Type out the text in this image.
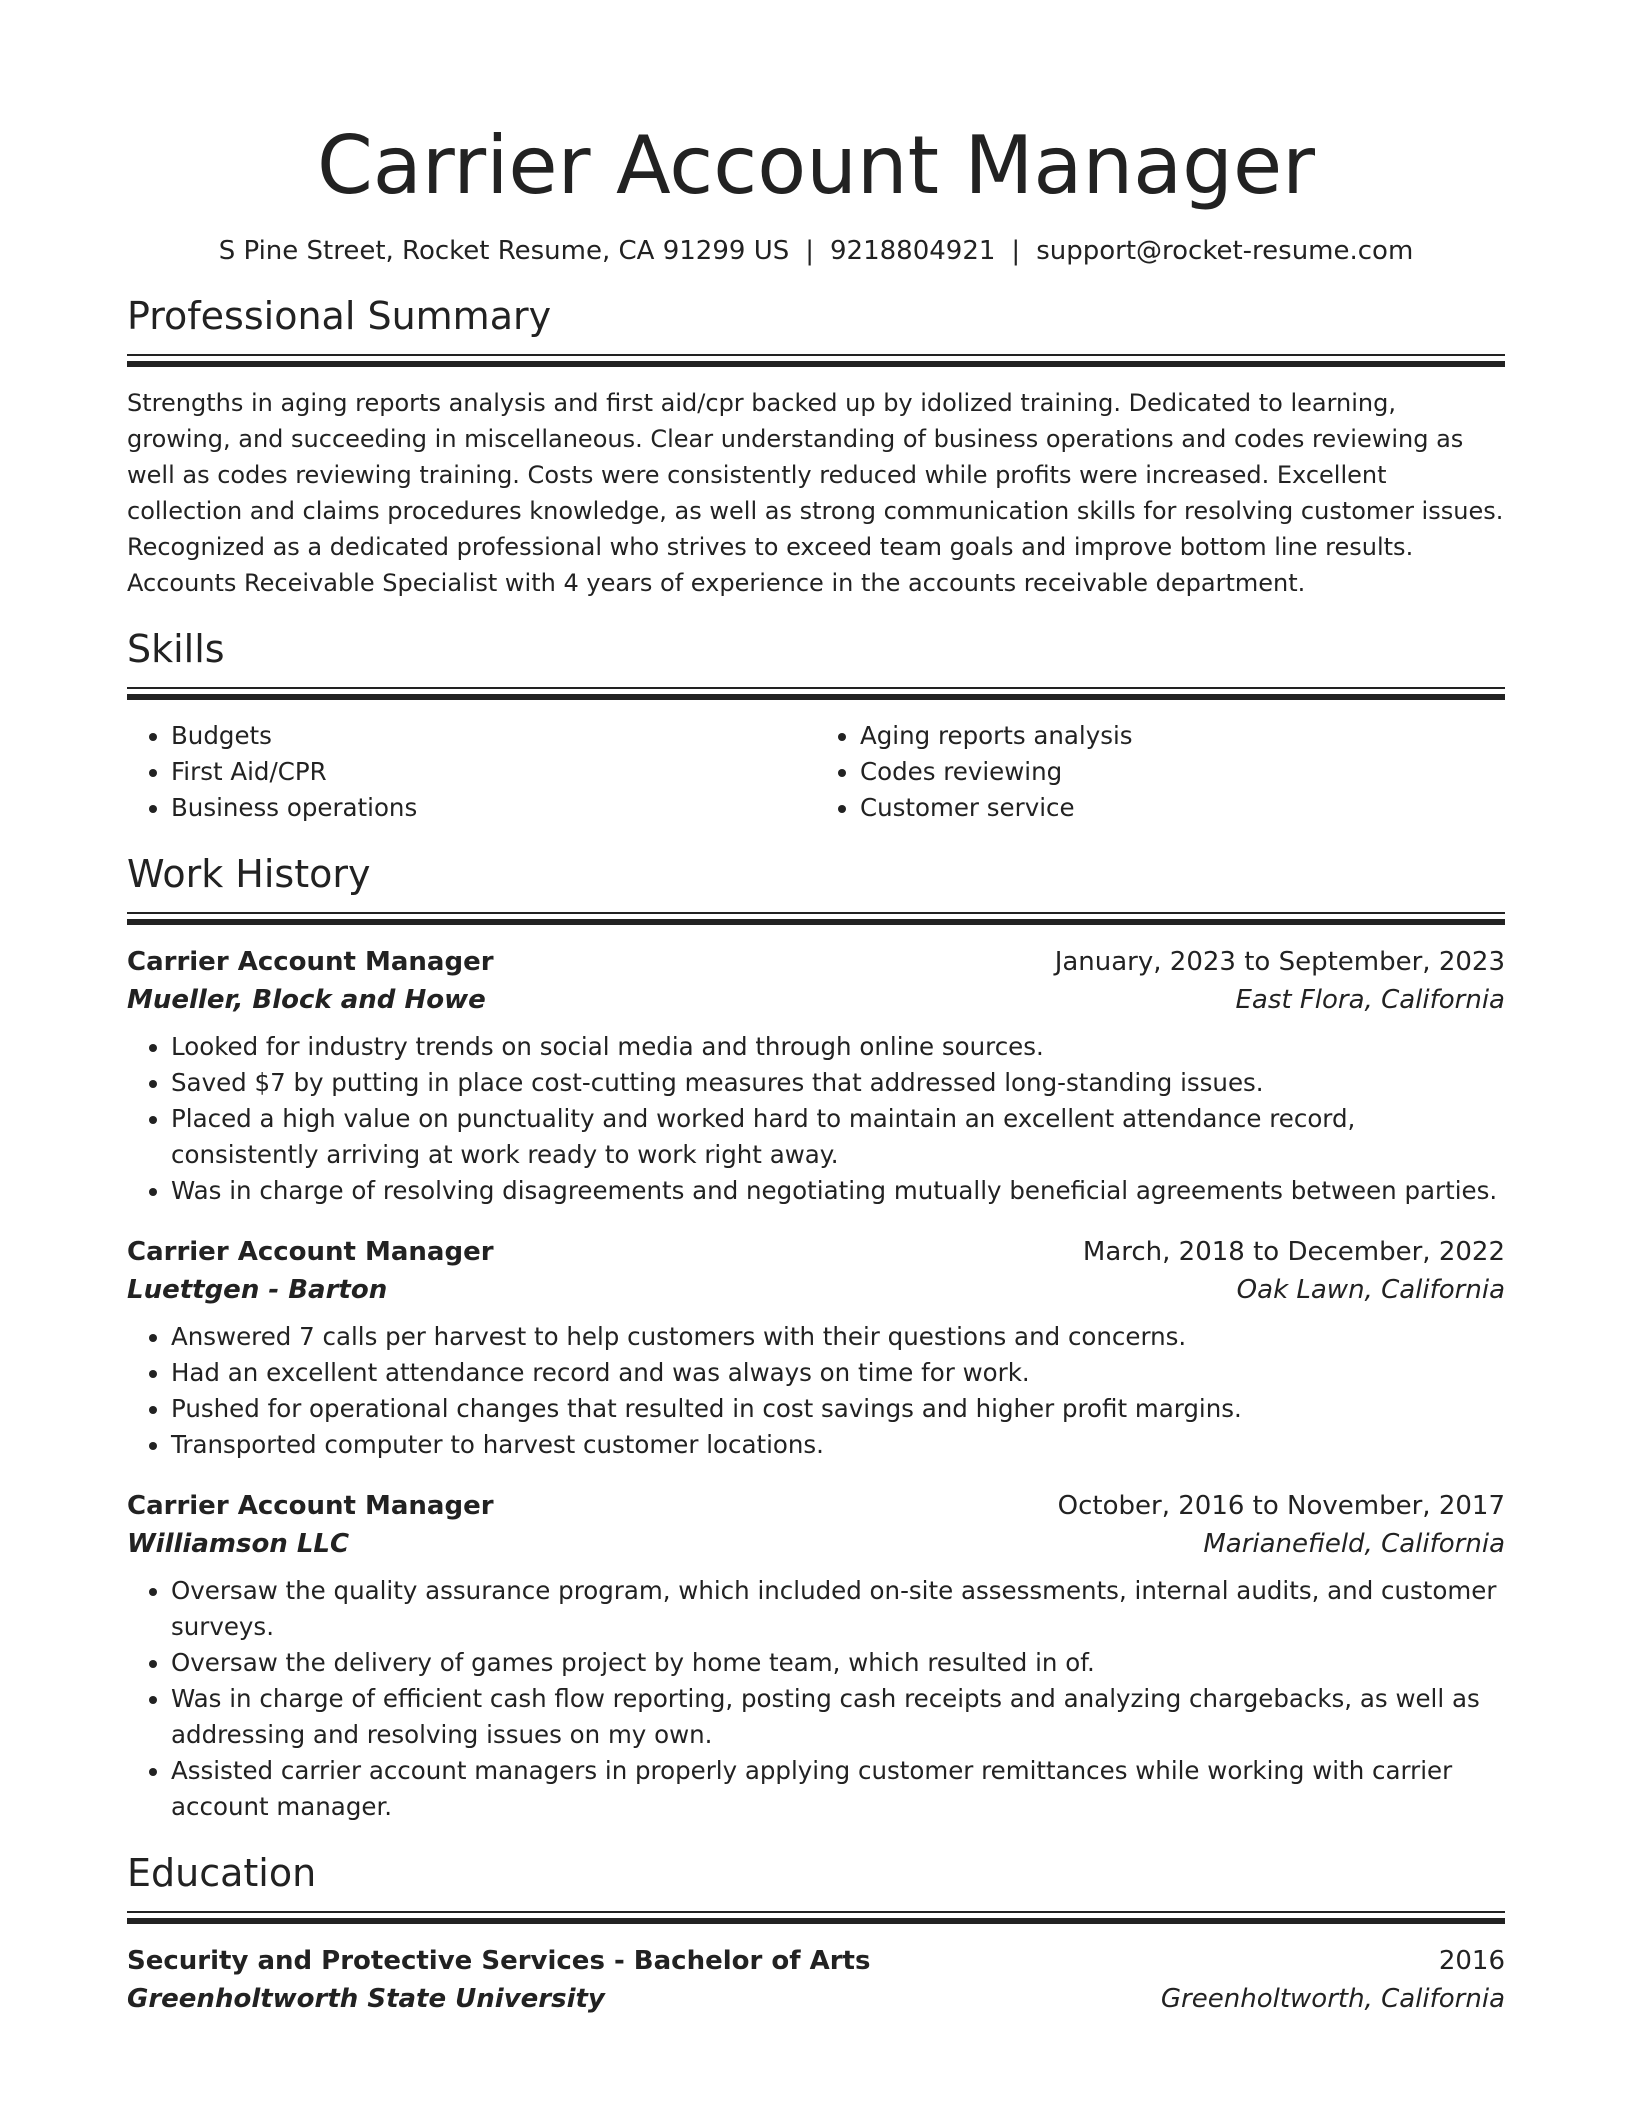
Carrier Account Manager
S Pine Street, Rocket Resume, CA 91299 US | 9218804921 | support@rocket-resume.com
Professional Summary

Strengths in aging reports analysis and first aid/cpr backed up by idolized training. Dedicated to learning, growing, and succeeding in miscellaneous. Clear understanding of business operations and codes reviewing as well as codes reviewing training. Costs were consistently reduced while profits were increased. Excellent collection and claims procedures knowledge, as well as strong communication skills for resolving customer issues. Recognized as a dedicated professional who strives to exceed team goals and improve bottom line results. Accounts Receivable Specialist with 4 years of experience in the accounts receivable department.

Skills
• Budgets
• First Aid/CPR
• Business operations
• Aging reports analysis
• Codes reviewing
• Customer service
Work History
Carrier Account Manager	January, 2023 to September, 2023
Mueller, Block and Howe	East Flora, California
• Looked for industry trends on social media and through online sources.
• Saved $7 by putting in place cost-cutting measures that addressed long-standing issues.
• Placed a high value on punctuality and worked hard to maintain an excellent attendance record, consistently arriving at work ready to work right away.
• Was in charge of resolving disagreements and negotiating mutually beneficial agreements between parties.
Carrier Account Manager	March, 2018 to December, 2022
Luettgen - Barton	Oak Lawn, California
• Answered 7 calls per harvest to help customers with their questions and concerns.
• Had an excellent attendance record and was always on time for work.
• Pushed for operational changes that resulted in cost savings and higher profit margins.
• Transported computer to harvest customer locations.
Carrier Account Manager	October, 2016 to November, 2017
Williamson LLC	Marianefield, California
• Oversaw the quality assurance program, which included on-site assessments, internal audits, and customer surveys.
• Oversaw the delivery of games project by home team, which resulted in of.
• Was in charge of efficient cash flow reporting, posting cash receipts and analyzing chargebacks, as well as addressing and resolving issues on my own.
• Assisted carrier account managers in properly applying customer remittances while working with carrier account manager.
Education
Security and Protective Services - Bachelor of Arts	2016
Greenholtworth State University	Greenholtworth, California
